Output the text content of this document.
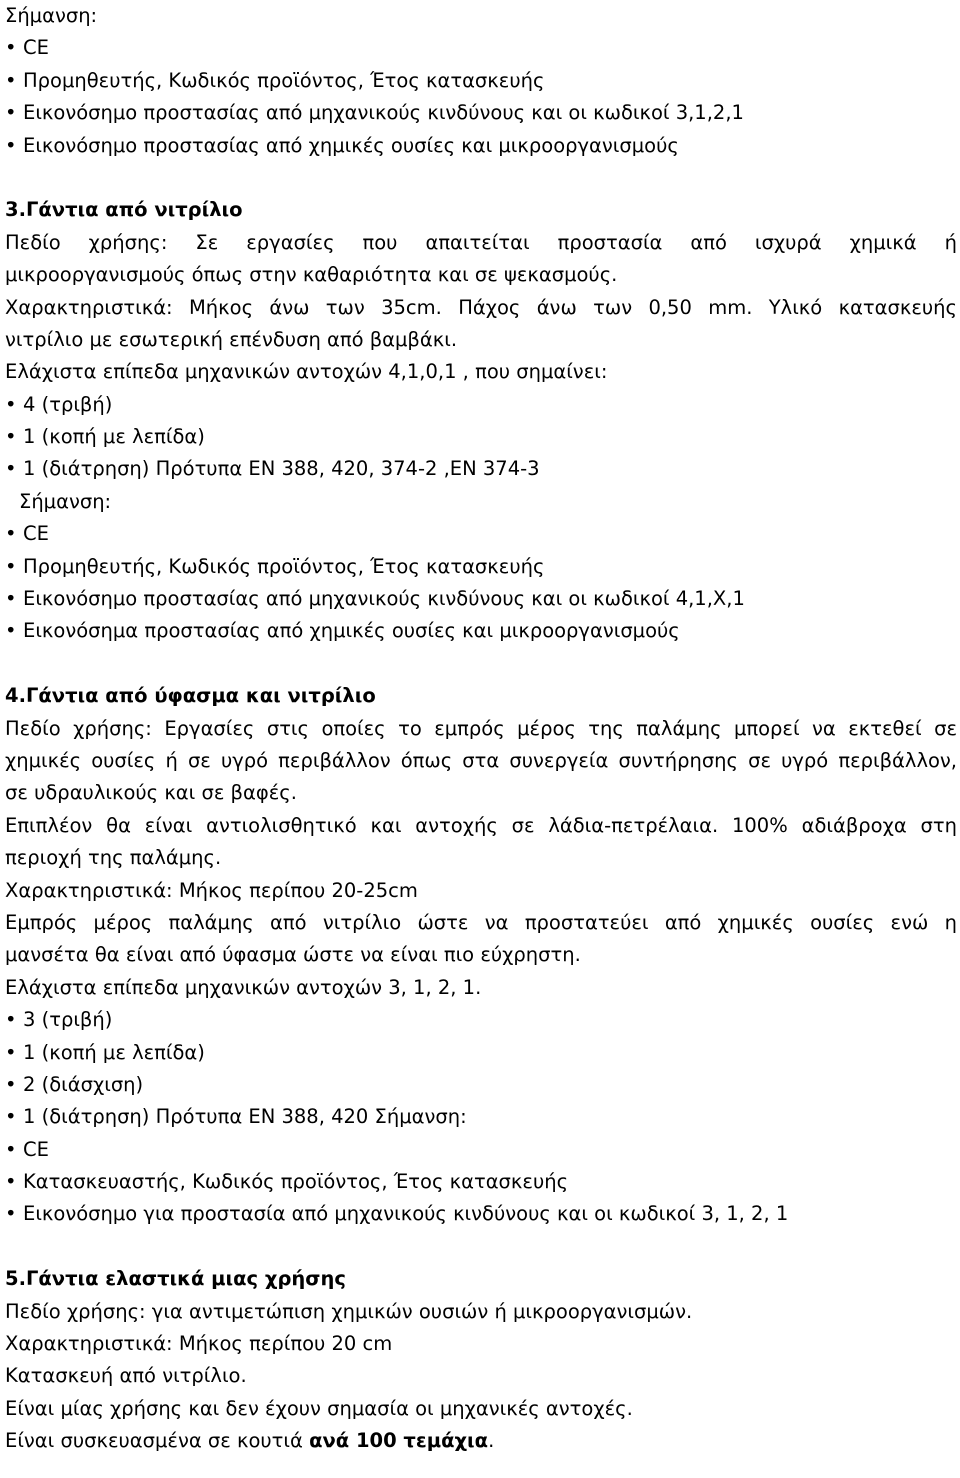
Σήμανση:
• CE
• Προμηθευτής, Κωδικός προϊόντος, Έτος κατασκευής
• Εικονόσημο προστασίας από μηχανικούς κινδύνους και οι κωδικοί 3,1,2,1
• Εικονόσημο προστασίας από χημικές ουσίες και μικροοργανισμούς
3.Γάντια από νιτρίλιο
Πεδίο χρήσης: Σε εργασίες που απαιτείται προστασία από ισχυρά χημικά ή
μικροοργανισμούς όπως στην καθαριότητα και σε ψεκασμούς.
Χαρακτηριστικά: Μήκος άνω των 35cm. Πάχος άνω των 0,50 mm. Υλικό κατασκευής
νιτρίλιο με εσωτερική επένδυση από βαμβάκι.
Ελάχιστα επίπεδα μηχανικών αντοχών 4,1,0,1 , που σημαίνει:
• 4 (τριβή)
• 1 (κοπή με λεπίδα)
• 1 (διάτρηση) Πρότυπα EN 388, 420, 374-2 ,EN 374-3
Σήμανση:
• CE
• Προμηθευτής, Κωδικός προϊόντος, Έτος κατασκευής
• Εικονόσημο προστασίας από μηχανικούς κινδύνους και οι κωδικοί 4,1,Χ,1
• Εικονόσημα προστασίας από χημικές ουσίες και μικροοργανισμούς
4.Γάντια από ύφασμα και νιτρίλιο
Πεδίο χρήσης: Εργασίες στις οποίες το εμπρός μέρος της παλάμης μπορεί να εκτεθεί σε
χημικές ουσίες ή σε υγρό περιβάλλον όπως στα συνεργεία συντήρησης σε υγρό περιβάλλον,
σε υδραυλικούς και σε βαφές.
Επιπλέον θα είναι αντιολισθητικό και αντοχής σε λάδια-πετρέλαια. 100% αδιάβροχα στη
περιοχή της παλάμης.
Χαρακτηριστικά: Μήκος περίπου 20-25cm
Εμπρός μέρος παλάμης από νιτρίλιο ώστε να προστατεύει από χημικές ουσίες ενώ η
μανσέτα θα είναι από ύφασμα ώστε να είναι πιο εύχρηστη.
Ελάχιστα επίπεδα μηχανικών αντοχών 3, 1, 2, 1.
• 3 (τριβή)
• 1 (κοπή με λεπίδα)
• 2 (διάσχιση)
• 1 (διάτρηση) Πρότυπα EN 388, 420 Σήμανση:
• CE
• Κατασκευαστής, Κωδικός προϊόντος, Έτος κατασκευής
• Εικονόσημο για προστασία από μηχανικούς κινδύνους και οι κωδικοί 3, 1, 2, 1
5.Γάντια ελαστικά μιας χρήσης
Πεδίο χρήσης: για αντιμετώπιση χημικών ουσιών ή μικροοργανισμών.
Χαρακτηριστικά: Μήκος περίπου 20 cm
Κατασκευή από νιτρίλιο.
Είναι μίας χρήσης και δεν έχουν σημασία οι μηχανικές αντοχές.
Είναι συσκευασμένα σε κουτιά ανά 100 τεμάχια.
